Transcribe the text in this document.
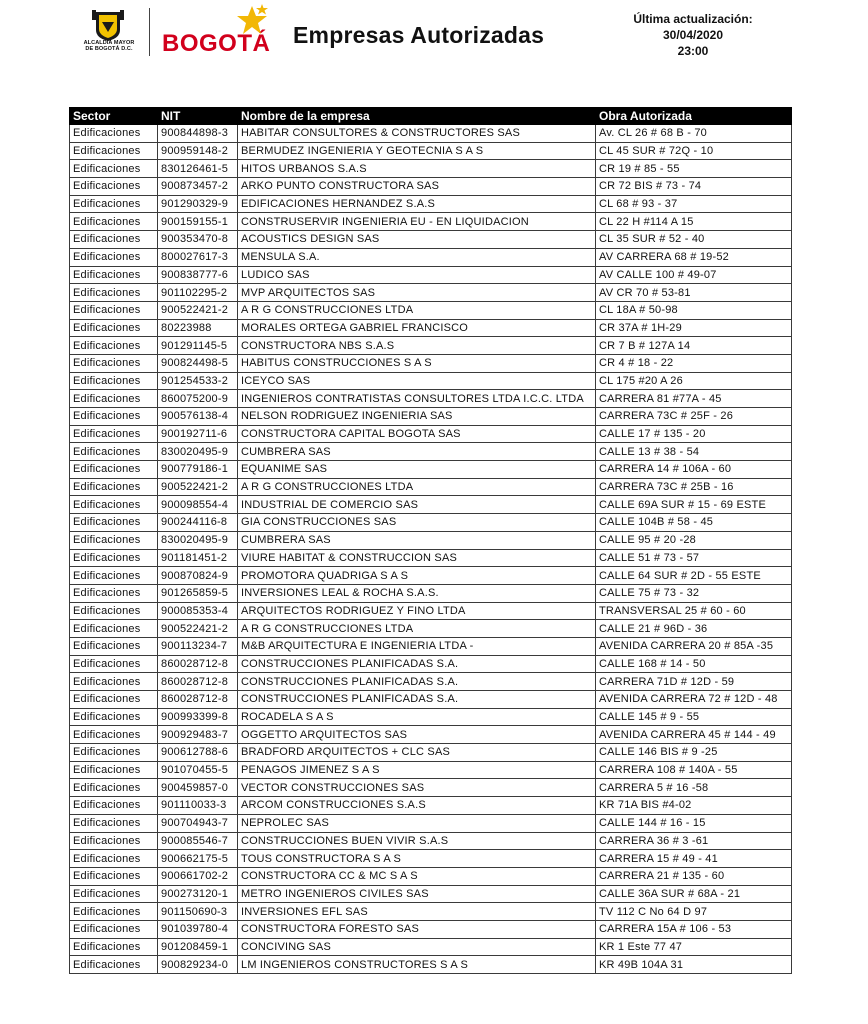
ALCALDÍA MAYOR
DE BOGOTÁ D.C.	BOGOTÁ Empresas Autorizadas
Última actualización:
30/04/2020
23:00
Sector	NIT	Nombre de la empresa	Obra Autorizada
Edificaciones	900844898-3	HABITAR CONSULTORES & CONSTRUCTORES SAS	Av. CL 26 # 68 B - 70
Edificaciones	900959148-2	BERMUDEZ INGENIERIA Y GEOTECNIA S A S	CL 45 SUR # 72Q - 10
Edificaciones	830126461-5	HITOS URBANOS S.A.S	CR 19 # 85 - 55
Edificaciones	900873457-2	ARKO PUNTO CONSTRUCTORA SAS	CR 72 BIS # 73 - 74
Edificaciones	901290329-9	EDIFICACIONES HERNANDEZ S.A.S	CL 68 # 93 - 37
Edificaciones	900159155-1	CONSTRUSERVIR INGENIERIA EU - EN LIQUIDACION	CL 22 H #114 A 15
Edificaciones	900353470-8	ACOUSTICS DESIGN SAS	CL 35 SUR # 52 - 40
Edificaciones	800027617-3	MENSULA S.A.	AV CARRERA 68 # 19-52
Edificaciones	900838777-6	LUDICO SAS	AV CALLE 100 # 49-07
Edificaciones	901102295-2	MVP ARQUITECTOS SAS	AV CR 70 # 53-81
Edificaciones	900522421-2	A R G CONSTRUCCIONES LTDA	CL 18A # 50-98
Edificaciones	80223988	MORALES ORTEGA GABRIEL FRANCISCO	CR 37A # 1H-29
Edificaciones	901291145-5	CONSTRUCTORA NBS S.A.S	CR 7 B # 127A 14
Edificaciones	900824498-5	HABITUS CONSTRUCCIONES S A S	CR 4 # 18 - 22
Edificaciones	901254533-2	ICEYCO SAS	CL 175 #20 A 26
Edificaciones	860075200-9	INGENIEROS CONTRATISTAS CONSULTORES LTDA I.C.C. LTDA	CARRERA 81 #77A - 45
Edificaciones	900576138-4	NELSON RODRIGUEZ INGENIERIA SAS	CARRERA 73C # 25F - 26
Edificaciones	900192711-6	CONSTRUCTORA CAPITAL BOGOTA SAS	CALLE 17 # 135 - 20
Edificaciones	830020495-9	CUMBRERA SAS	CALLE 13 # 38 - 54
Edificaciones	900779186-1	EQUANIME SAS	CARRERA 14 # 106A - 60
Edificaciones	900522421-2	A R G CONSTRUCCIONES LTDA	CARRERA 73C # 25B - 16
Edificaciones	900098554-4	INDUSTRIAL DE COMERCIO SAS	CALLE 69A SUR # 15 - 69 ESTE
Edificaciones	900244116-8	GIA CONSTRUCCIONES SAS	CALLE 104B # 58 - 45
Edificaciones	830020495-9	CUMBRERA SAS	CALLE 95 # 20 -28
Edificaciones	901181451-2	VIURE HABITAT & CONSTRUCCION SAS	CALLE 51 # 73 - 57
Edificaciones	900870824-9	PROMOTORA QUADRIGA S A S	CALLE 64 SUR # 2D - 55 ESTE
Edificaciones	901265859-5	INVERSIONES LEAL & ROCHA S.A.S.	CALLE 75 # 73 - 32
Edificaciones	900085353-4	ARQUITECTOS RODRIGUEZ Y FINO LTDA	TRANSVERSAL 25 # 60 - 60
Edificaciones	900522421-2	A R G CONSTRUCCIONES LTDA	CALLE 21 # 96D - 36
Edificaciones	900113234-7	M&B ARQUITECTURA E INGENIERIA LTDA -	AVENIDA CARRERA 20 # 85A -35
Edificaciones	860028712-8	CONSTRUCCIONES PLANIFICADAS S.A.	CALLE 168 # 14 - 50
Edificaciones	860028712-8	CONSTRUCCIONES PLANIFICADAS S.A.	CARRERA 71D # 12D - 59
Edificaciones	860028712-8	CONSTRUCCIONES PLANIFICADAS S.A.	AVENIDA CARRERA 72 # 12D - 48
Edificaciones	900993399-8	ROCADELA S A S	CALLE 145 # 9 - 55
Edificaciones	900929483-7	OGGETTO ARQUITECTOS SAS	AVENIDA CARRERA 45 # 144 - 49
Edificaciones	900612788-6	BRADFORD ARQUITECTOS + CLC SAS	CALLE 146 BIS # 9 -25
Edificaciones	901070455-5	PENAGOS JIMENEZ S A S	CARRERA 108 # 140A - 55
Edificaciones	900459857-0	VECTOR CONSTRUCCIONES SAS	CARRERA 5 # 16 -58
Edificaciones	901110033-3	ARCOM CONSTRUCCIONES S.A.S	KR 71A BIS #4-02
Edificaciones	900704943-7	NEPROLEC SAS	CALLE 144 # 16 - 15
Edificaciones	900085546-7	CONSTRUCCIONES BUEN VIVIR S.A.S	CARRERA 36 # 3 -61
Edificaciones	900662175-5	TOUS CONSTRUCTORA S A S	CARRERA 15 # 49 - 41
Edificaciones	900661702-2	CONSTRUCTORA CC & MC S A S	CARRERA 21 # 135 - 60
Edificaciones	900273120-1	METRO INGENIEROS CIVILES SAS	CALLE 36A SUR # 68A - 21
Edificaciones	901150690-3	INVERSIONES EFL SAS	TV 112 C No 64 D 97
Edificaciones	901039780-4	CONSTRUCTORA FORESTO SAS	CARRERA 15A # 106 - 53
Edificaciones	901208459-1	CONCIVING SAS	KR 1 Este 77 47
Edificaciones	900829234-0	LM INGENIEROS CONSTRUCTORES S A S	KR 49B 104A 31
